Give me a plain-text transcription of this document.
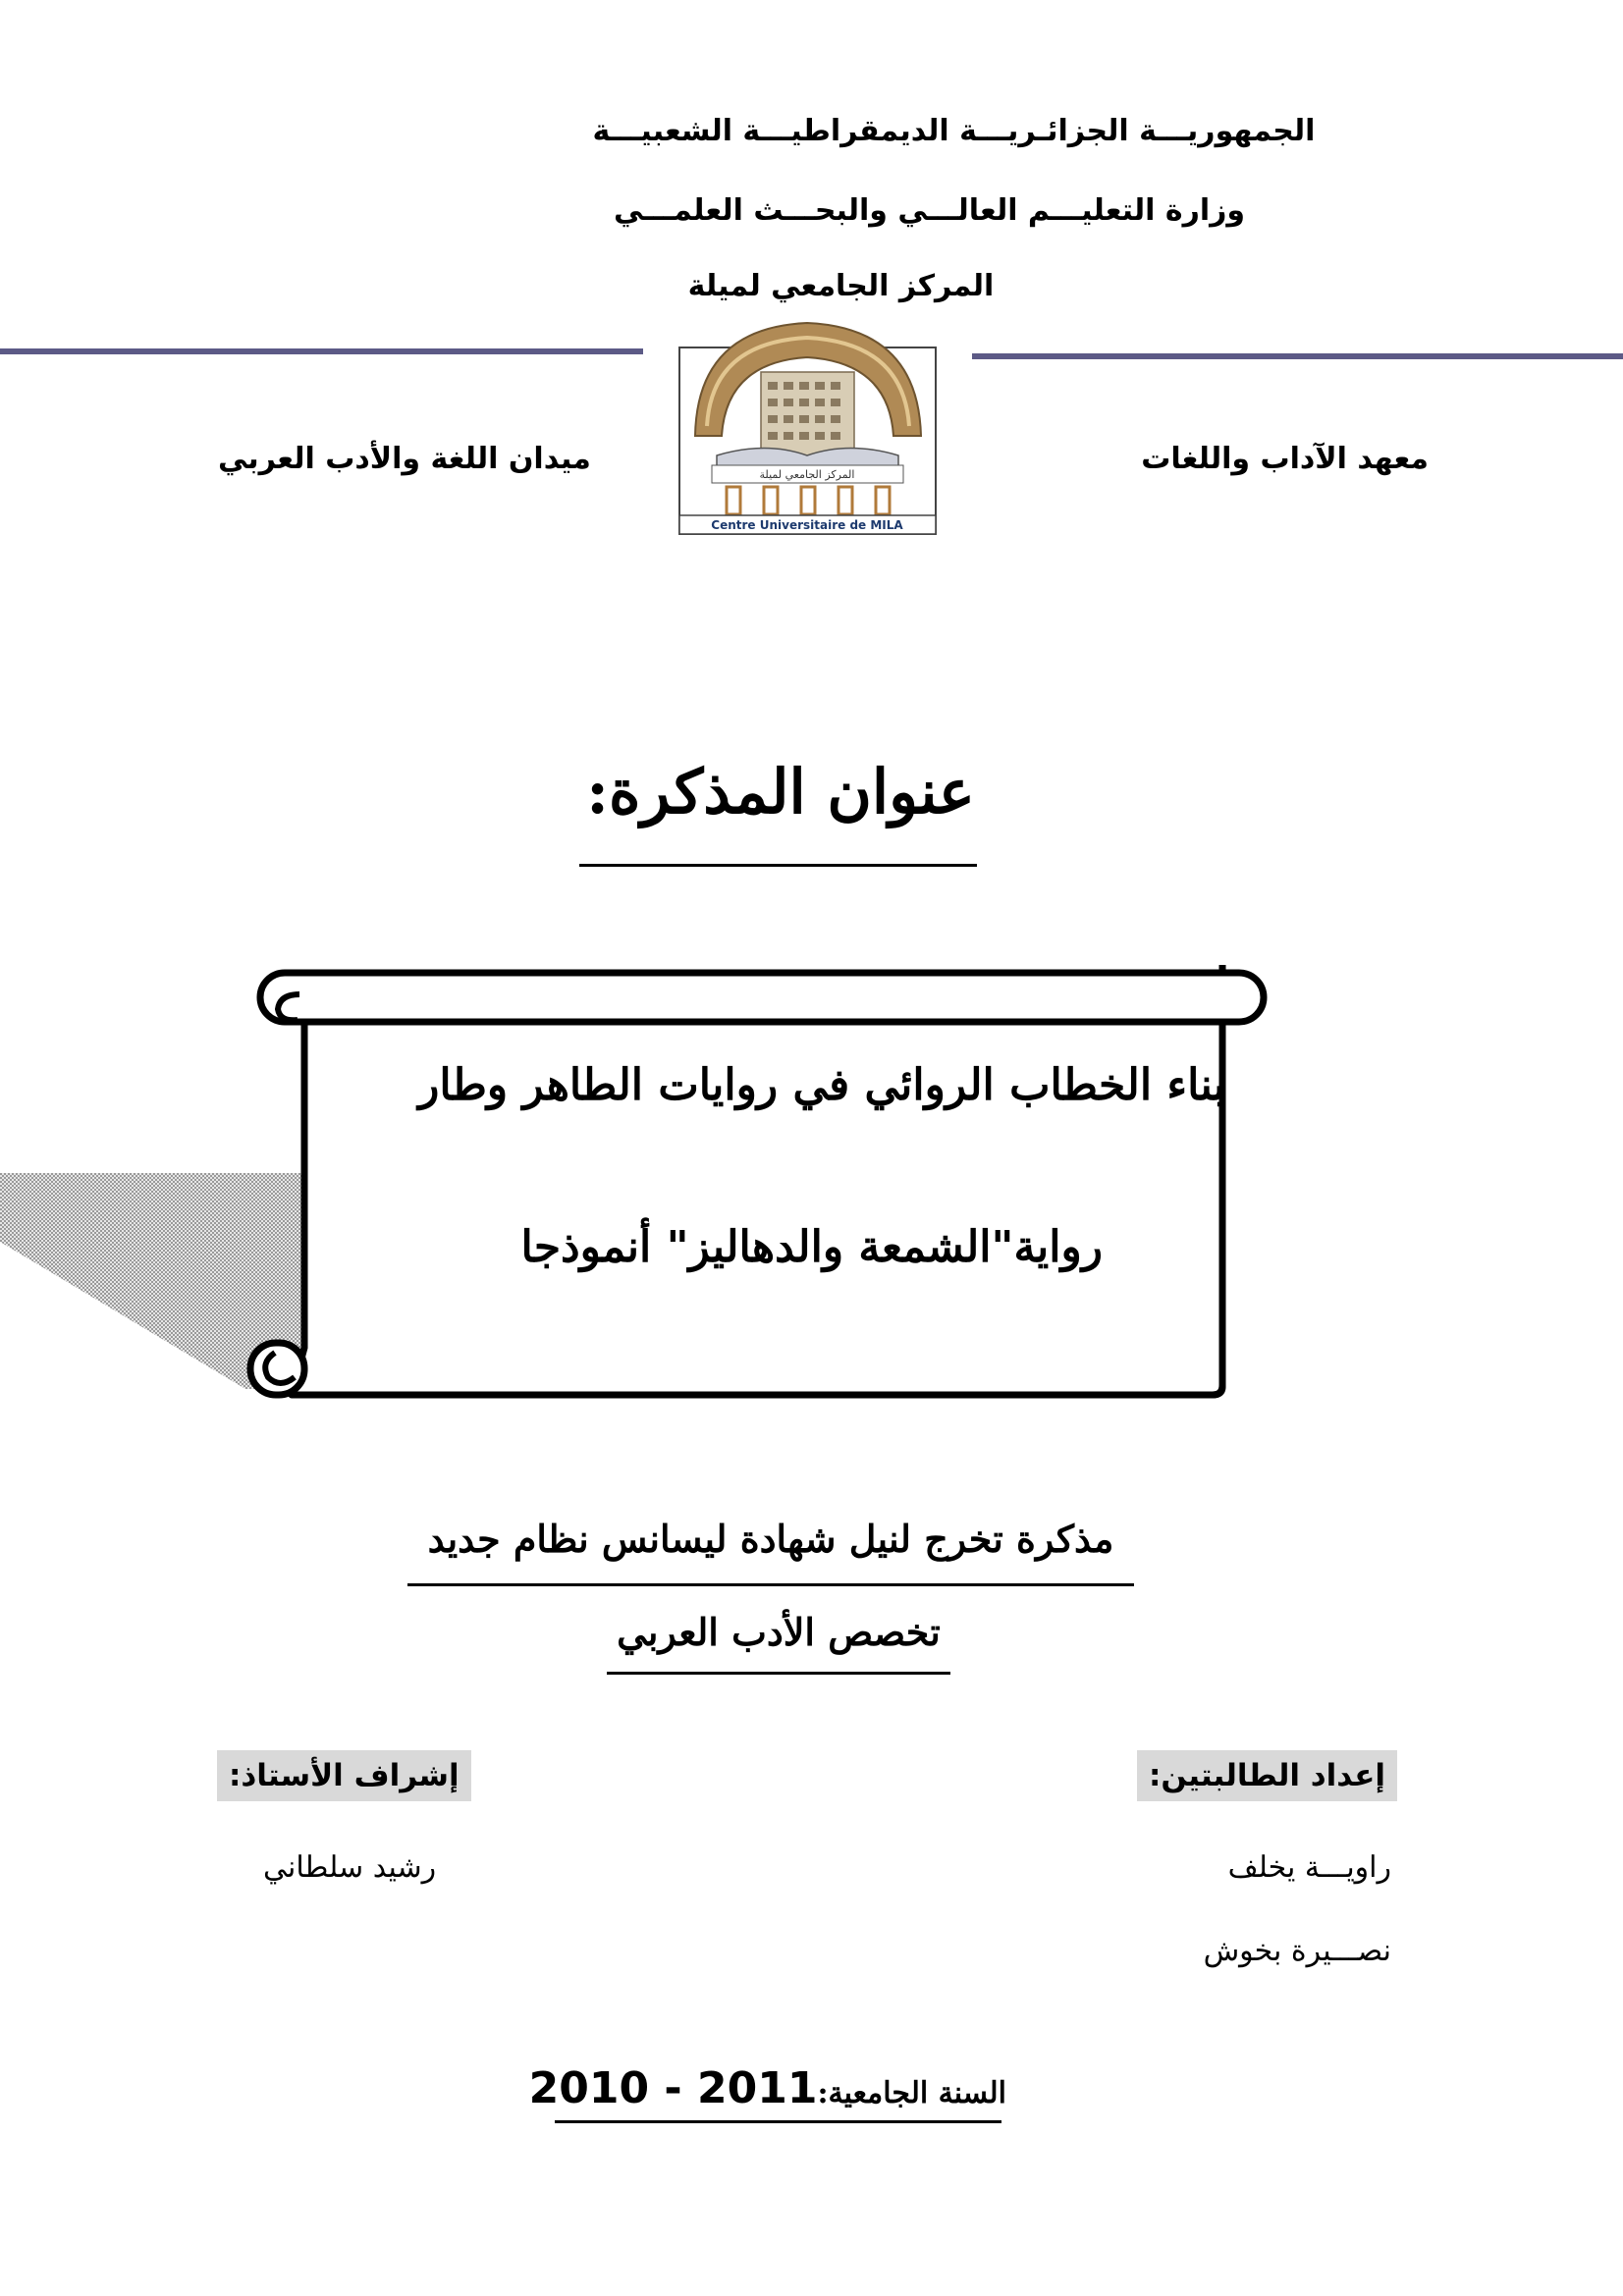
الجمهوريـــة الجزائـريـــة الديمقراطيـــة الشعبيـــة
وزارة التعليـــم العالـــي والبحـــث العلمـــي
المركز الجامعي لميلة
المركز الجامعي لميلة
Centre Universitaire de MILA
معهد الآداب واللغات
ميدان اللغة والأدب العربي
عنوان المذكرة:
بناء الخطاب الروائي في روايات الطاهر وطار
رواية"الشمعة والدهاليز" أنموذجا
مذكرة تخرج لنيل شهادة ليسانس نظام جديد
تخصص الأدب العربي
إعداد الطالبتين:
راويـــة يخلف
نصـــيرة بخوش
إشراف الأستاذ:
رشيد سلطاني
السنة الجامعية:2010 - 2011
